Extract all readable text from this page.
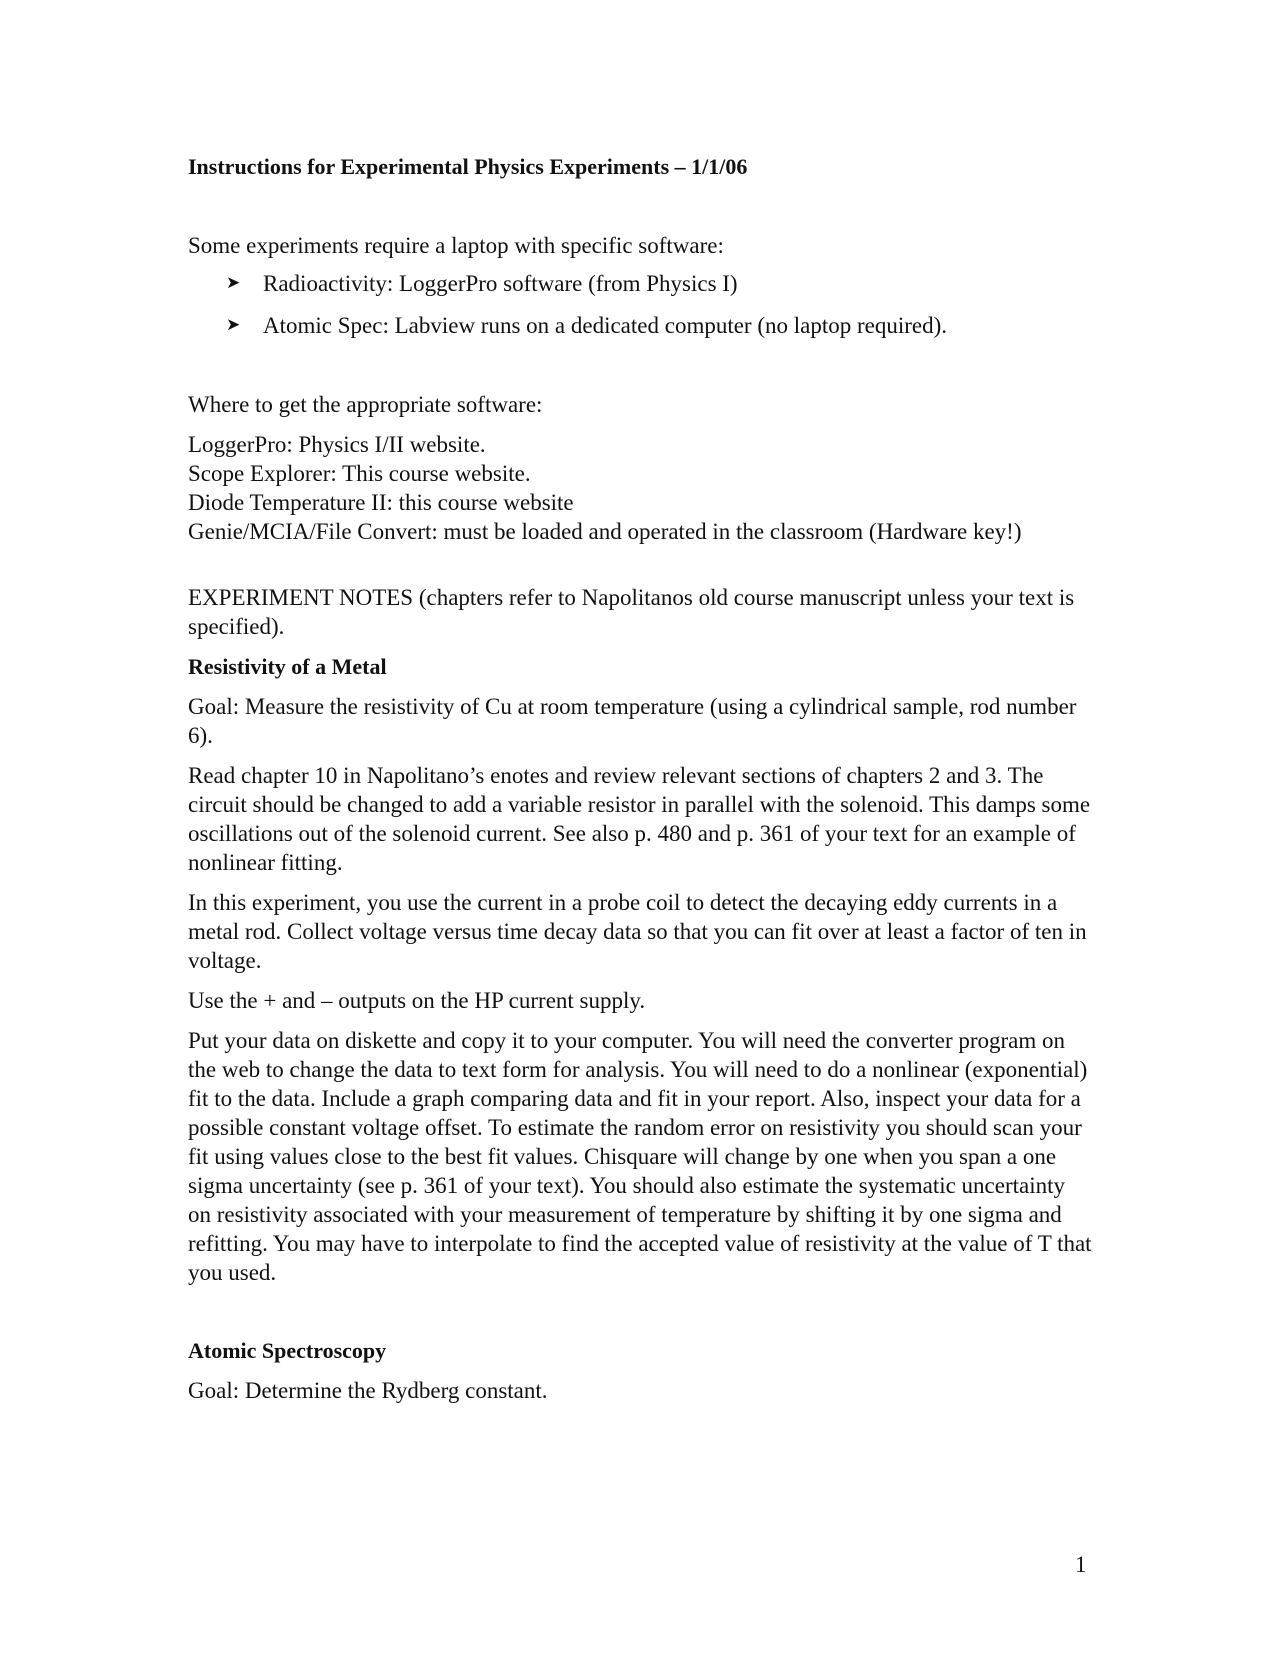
Instructions for Experimental Physics Experiments – 1/1/06

Some experiments require a laptop with specific software:

➤ Radioactivity: LoggerPro software (from Physics I)
➤ Atomic Spec: Labview runs on a dedicated computer (no laptop required).

Where to get the appropriate software:

LoggerPro: Physics I/II website.

Scope Explorer: This course website.

Diode Temperature II: this course website

Genie/MCIA/File Convert: must be loaded and operated in the classroom (Hardware key!)

EXPERIMENT NOTES (chapters refer to Napolitanos old course manuscript unless your text is specified).

Resistivity of a Metal

Goal: Measure the resistivity of Cu at room temperature (using a cylindrical sample, rod number 6).

Read chapter 10 in Napolitano’s enotes and review relevant sections of chapters 2 and 3. The circuit should be changed to add a variable resistor in parallel with the solenoid. This damps some oscillations out of the solenoid current. See also p. 480 and p. 361 of your text for an example of nonlinear fitting.

In this experiment, you use the current in a probe coil to detect the decaying eddy currents in a metal rod. Collect voltage versus time decay data so that you can fit over at least a factor of ten in voltage.

Use the + and – outputs on the HP current supply.

Put your data on diskette and copy it to your computer. You will need the converter program on the web to change the data to text form for analysis. You will need to do a nonlinear (exponential) fit to the data. Include a graph comparing data and fit in your report. Also, inspect your data for a possible constant voltage offset. To estimate the random error on resistivity you should scan your fit using values close to the best fit values. Chisquare will change by one when you span a one sigma uncertainty (see p. 361 of your text). You should also estimate the systematic uncertainty on resistivity associated with your measurement of temperature by shifting it by one sigma and refitting. You may have to interpolate to find the accepted value of resistivity at the value of T that you used.

Atomic Spectroscopy

Goal: Determine the Rydberg constant.

1
